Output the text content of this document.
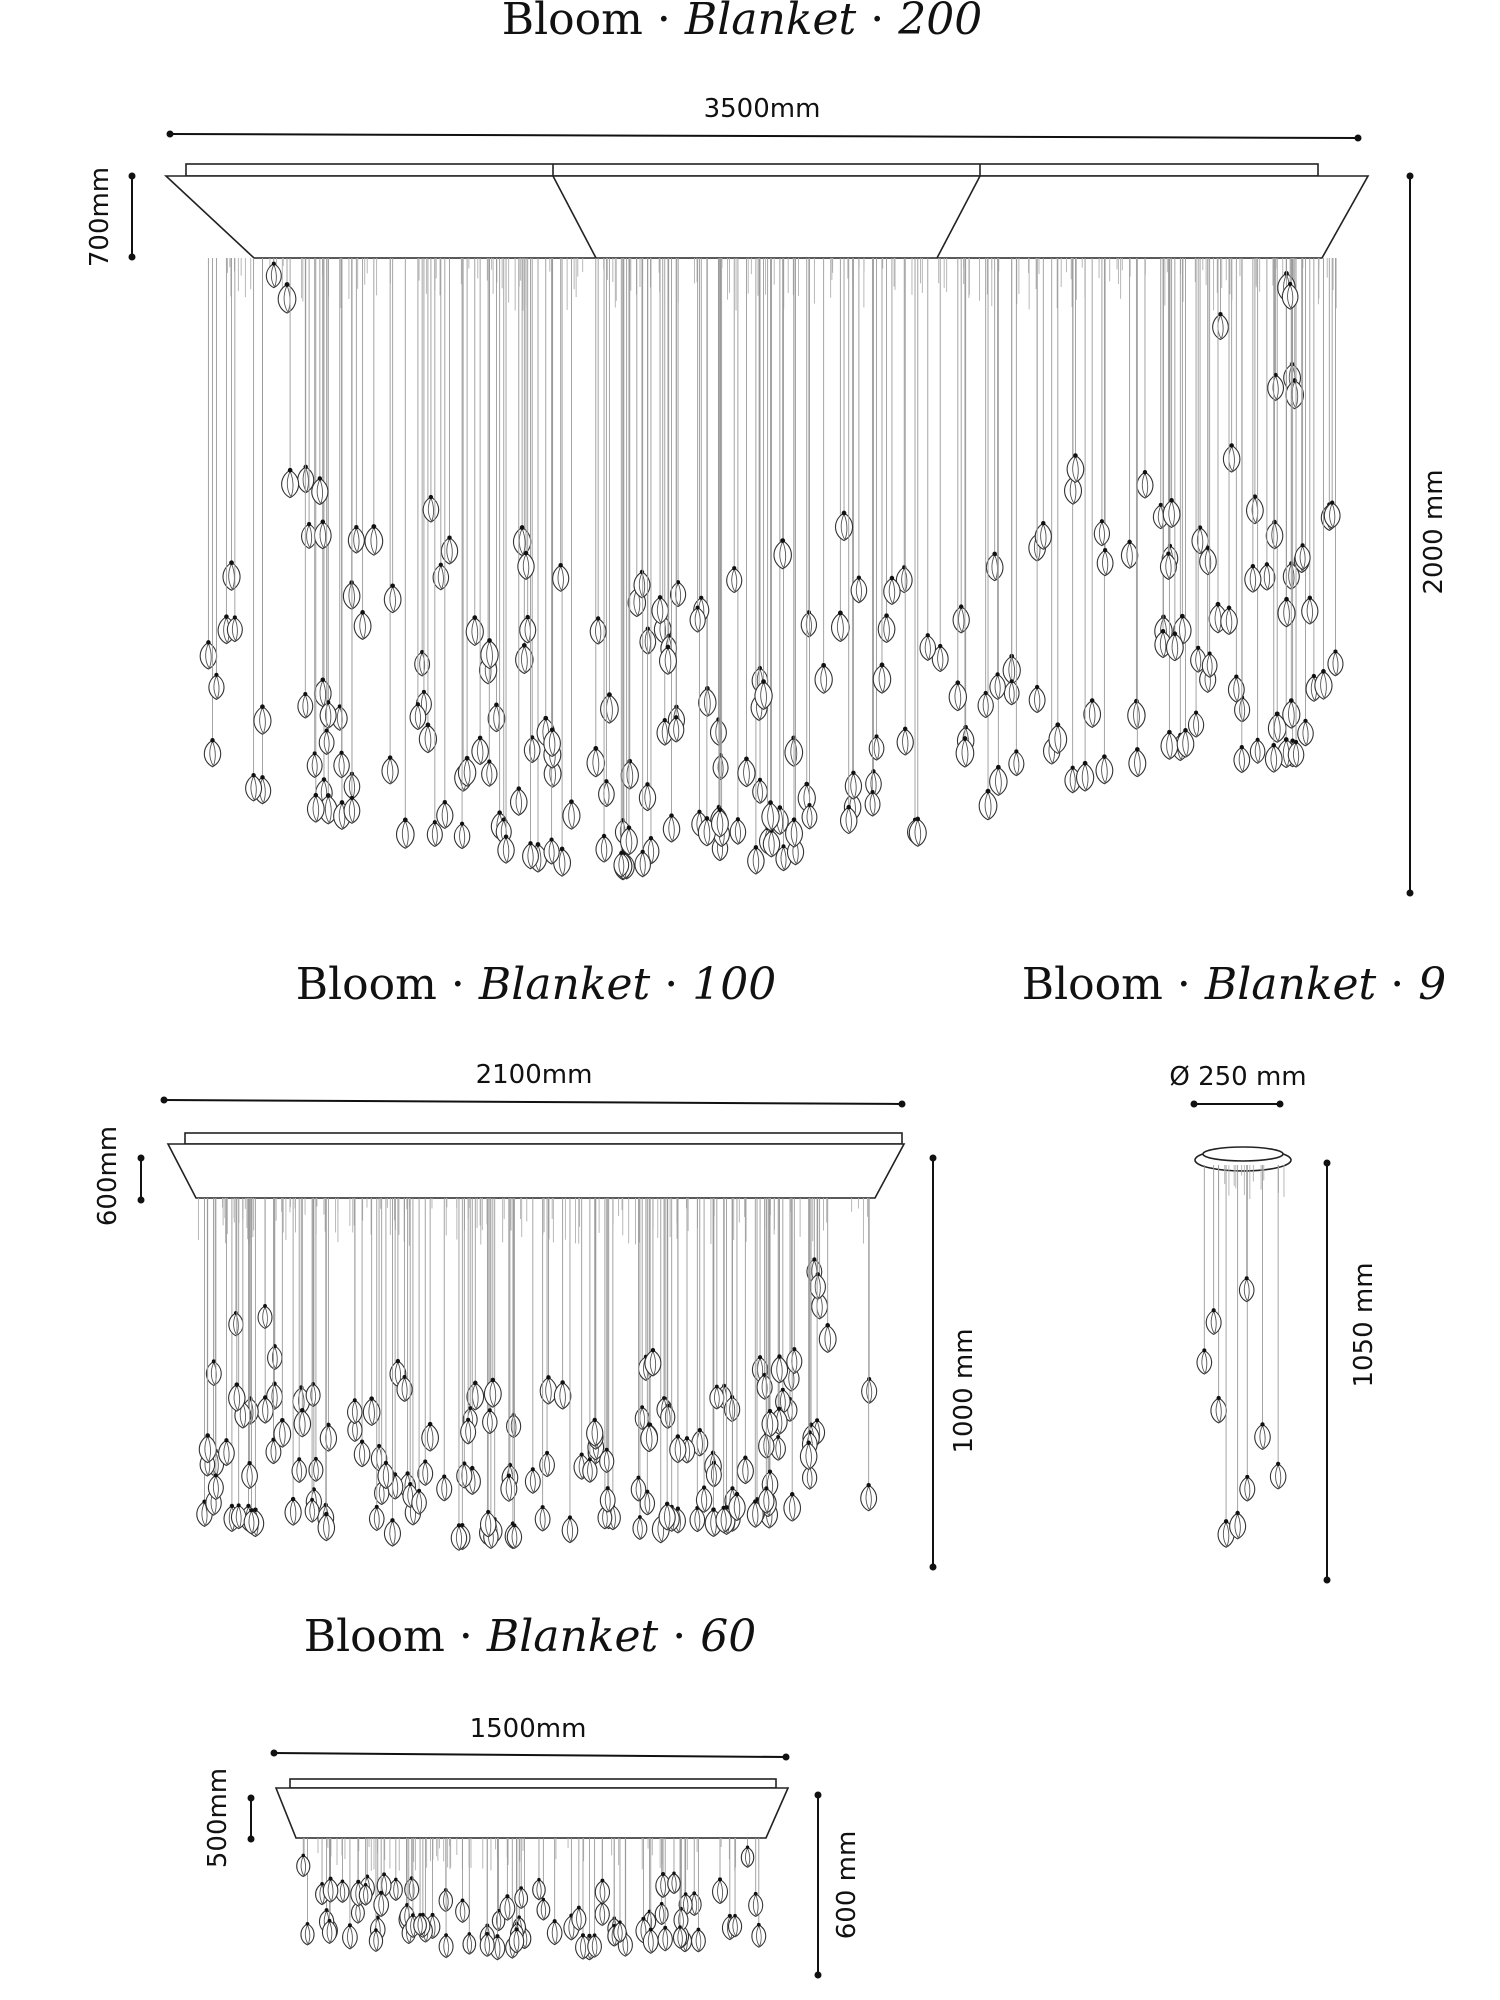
Bloom · Blanket · 200
3500mm
700mm
2000 mm
Bloom · Blanket · 100
2100mm
600mm
1000 mm
Bloom · Blanket · 9
Ø 250 mm
1050 mm
Bloom · Blanket · 60
1500mm
500mm
600 mm
